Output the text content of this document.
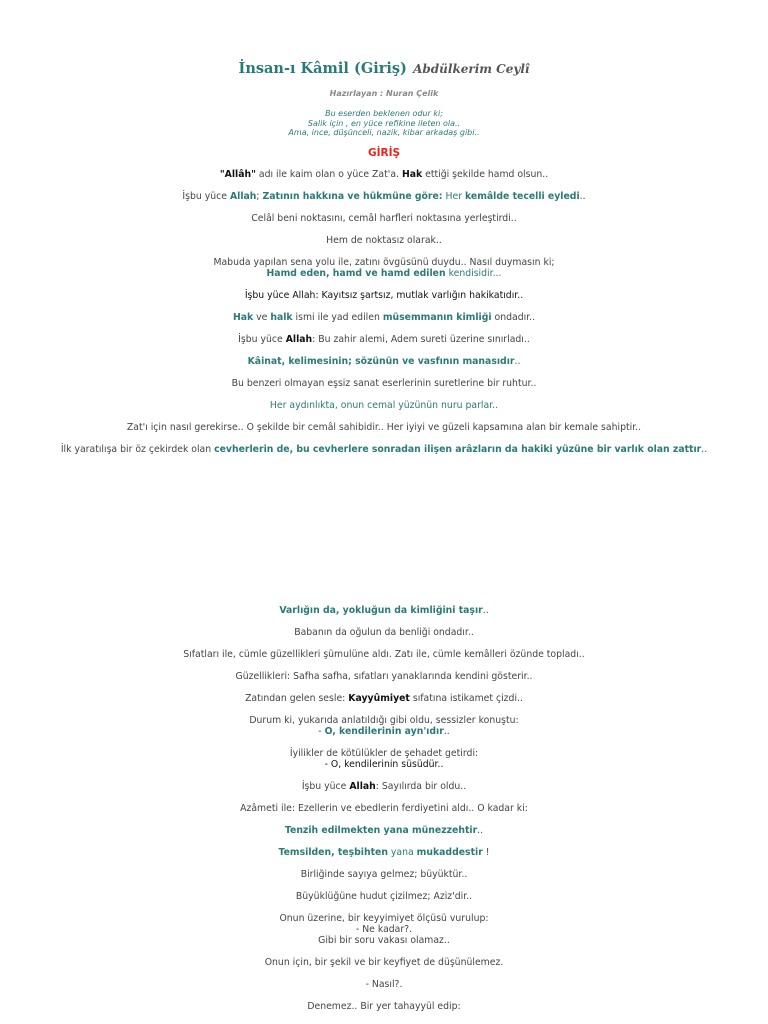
İnsan-ı Kâmil (Giriş) Abdülkerim Ceylî
Hazırlayan : Nuran Çelik
Bu eserden beklenen odur ki;
Salik için , en yüce refikine ileten ola..
Ama, ince, düşünceli, nazik, kibar arkadaş gibi..
GİRİŞ
"Allâh" adı ile kaim olan o yüce Zat'a. Hak ettiği şekilde hamd olsun..
İşbu yüce Allah; Zatının hakkına ve hükmüne göre: Her kemâlde tecelli eyledi..
Celâl beni noktasını, cemâl harfleri noktasına yerleştirdi..
Hem de noktasız olarak..
Mabuda yapılan sena yolu ile, zatını övgüsünü duydu.. Nasıl duymasın ki;
Hamd eden, hamd ve hamd edilen kendisidir...
İşbu yüce Allah: Kayıtsız şartsız, mutlak varlığın hakikatıdır..
Hak ve halk ismi ile yad edilen müsemmanın kimliği ondadır..
İşbu yüce Allah: Bu zahir alemi, Adem sureti üzerine sınırladı..
Kâinat, kelimesinin; sözünün ve vasfının manasıdır..
Bu benzeri olmayan eşsiz sanat eserlerinin suretlerine bir ruhtur..
Her aydınlıkta, onun cemal yüzünün nuru parlar..
Zat'ı için nasıl gerekirse.. O şekilde bir cemâl sahibidir.. Her iyiyi ve güzeli kapsamına alan bir kemale sahiptir..
İlk yaratılışa bir öz çekirdek olan cevherlerin de, bu cevherlere sonradan ilişen arâzların da hakiki yüzüne bir varlık olan zattır..
Varlığın da, yokluğun da kimliğini taşır..
Babanın da oğulun da benliği ondadır..
Sıfatları ile, cümle güzellikleri şümulüne aldı. Zatı ile, cümle kemâlleri özünde topladı..
Güzellikleri: Safha safha, sıfatları yanaklarında kendini gösterir..
Zatından gelen sesle: Kayyûmiyet sıfatına istikamet çizdi..
Durum ki, yukarıda anlatıldığı gibi oldu, sessizler konuştu:
- O, kendilerinin ayn'ıdır..
İyilikler de kötülükler de şehadet getirdi:
- O, kendilerinin süsüdür..
İşbu yüce Allah: Sayılırda bir oldu..
Azâmeti ile: Ezellerin ve ebedlerin ferdiyetini aldı.. O kadar ki:
Tenzih edilmekten yana münezzehtir..
Temsilden, teşbihten yana mukaddestir !
Birliğinde sayıya gelmez; büyüktür..
Büyüklüğüne hudut çizilmez; Aziz'dir..
Onun üzerine, bir keyyimiyet ölçüsü vurulup:
- Ne kadar?.
Gibi bir soru vakası olamaz..
Onun için, bir şekil ve bir keyfiyet de düşünülemez.
- Nasıl?.
Denemez.. Bir yer tahayyül edip:
